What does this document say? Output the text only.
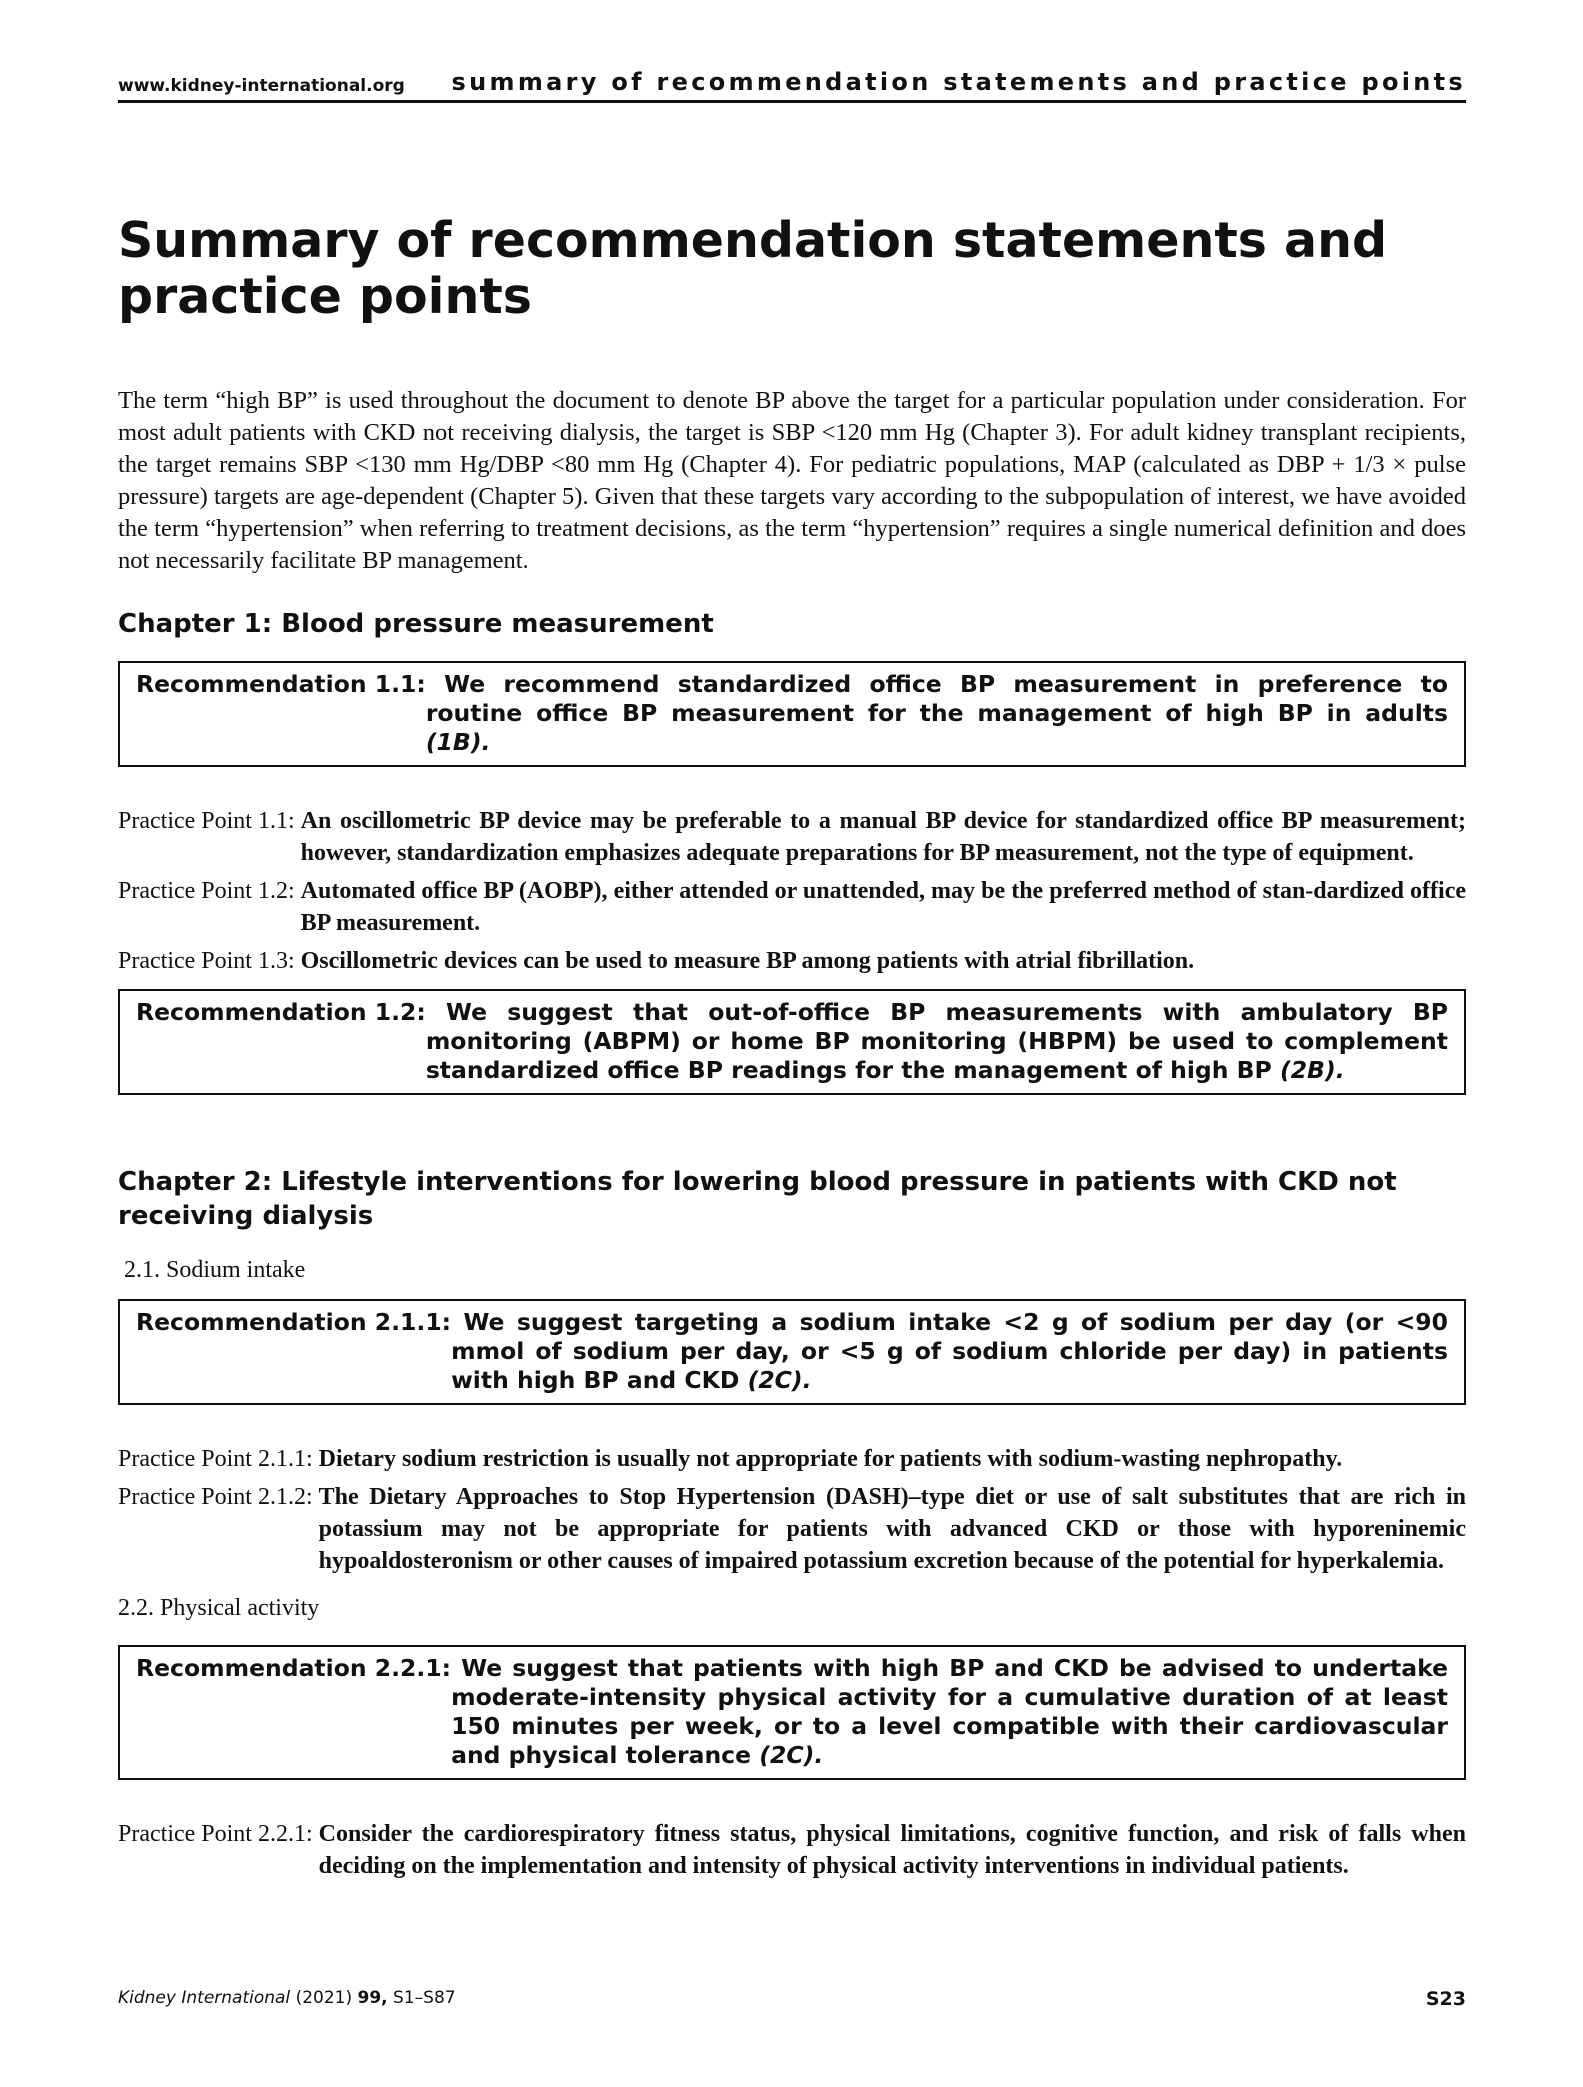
www.kidney-international.org summary of recommendation statements and practice points
Summary of recommendation statements and practice points

The term “high BP” is used throughout the document to denote BP above the target for a particular population under consideration. For most adult patients with CKD not receiving dialysis, the target is SBP <120 mm Hg (Chapter 3). For adult kidney transplant recipients, the target remains SBP <130 mm Hg/DBP <80 mm Hg (Chapter 4). For pediatric populations, MAP (calculated as DBP + 1/3 × pulse pressure) targets are age-dependent (Chapter 5). Given that these targets vary according to the subpopulation of interest, we have avoided the term “hypertension” when referring to treatment decisions, as the term “hypertension” requires a single numerical definition and does not necessarily facilitate BP management.

Chapter 1: Blood pressure measurement
Recommendation 1.1: We recommend standardized office BP measurement in preference to routine office BP measurement for the management of high BP in adults (1B).
Practice Point 1.1: An oscillometric BP device may be preferable to a manual BP device for standardized office BP measurement; however, standardization emphasizes adequate preparations for BP measurement, not the type of equipment.
Practice Point 1.2: Automated office BP (AOBP), either attended or unattended, may be the preferred method of stan-dardized office BP measurement.
Practice Point 1.3: Oscillometric devices can be used to measure BP among patients with atrial fibrillation.
Recommendation 1.2: We suggest that out-of-office BP measurements with ambulatory BP monitoring (ABPM) or home BP monitoring (HBPM) be used to complement standardized office BP readings for the management of high BP (2B).
Chapter 2: Lifestyle interventions for lowering blood pressure in patients with CKD not receiving dialysis
2.1. Sodium intake
Recommendation 2.1.1: We suggest targeting a sodium intake <2 g of sodium per day (or <90 mmol of sodium per day, or <5 g of sodium chloride per day) in patients with high BP and CKD (2C).
Practice Point 2.1.1: Dietary sodium restriction is usually not appropriate for patients with sodium-wasting nephropathy.
Practice Point 2.1.2: The Dietary Approaches to Stop Hypertension (DASH)–type diet or use of salt substitutes that are rich in potassium may not be appropriate for patients with advanced CKD or those with hyporeninemic hypoaldosteronism or other causes of impaired potassium excretion because of the potential for hyperkalemia.
2.2. Physical activity
Recommendation 2.2.1: We suggest that patients with high BP and CKD be advised to undertake moderate-intensity physical activity for a cumulative duration of at least 150 minutes per week, or to a level compatible with their cardiovascular and physical tolerance (2C).
Practice Point 2.2.1: Consider the cardiorespiratory fitness status, physical limitations, cognitive function, and risk of falls when deciding on the implementation and intensity of physical activity interventions in individual patients.
Kidney International (2021) 99, S1–S87	S23
